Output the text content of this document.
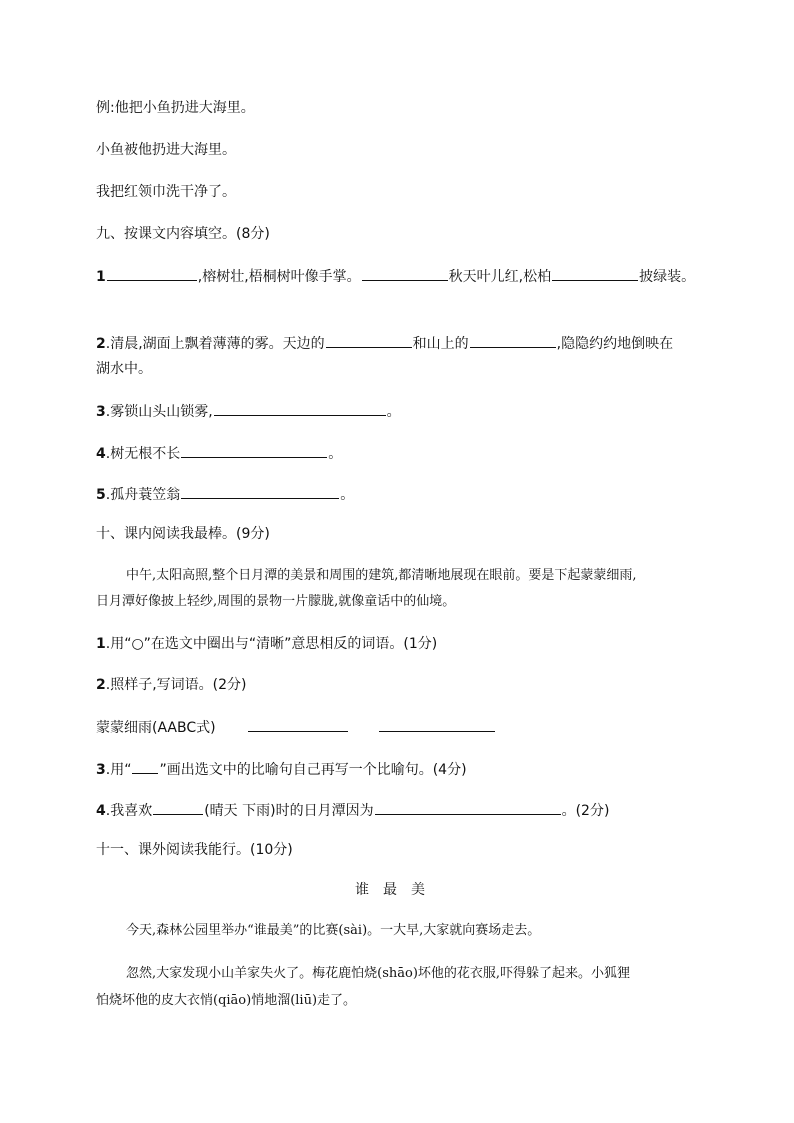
例:他把小鱼扔进大海里。
小鱼被他扔进大海里。
我把红领巾洗干净了。
九、按课文内容填空。(8分)
1	,榕树壮,梧桐树叶像手掌。	秋天叶儿红,松柏	披绿装。
2.清晨,湖面上飘着薄薄的雾。天边的	和山上的	,隐隐约约地倒映在
湖水中。
3.雾锁山头山锁雾,	。
4.树无根不长	。
5.孤舟蓑笠翁	。
十、课内阅读我最棒。(9分)
中午,太阳高照,整个日月潭的美景和周围的建筑,都清晰地展现在眼前。要是下起蒙蒙细雨,
日月潭好像披上轻纱,周围的景物一片朦胧,就像童话中的仙境。
1.用“○”在选文中圈出与“清晰”意思相反的词语。(1分)
2.照样子,写词语。(2分)
蒙蒙细雨(AABC式)
3.用“ ”画出选文中的比喻句自己再写一个比喻句。(4分)
4.我喜欢	(晴天 下雨)时的日月潭因为	。(2分)
十一、课外阅读我能行。(10分)
谁最美
今天,森林公园里举办“谁最美”的比赛(sài)。一大早,大家就向赛场走去。
忽然,大家发现小山羊家失火了。梅花鹿怕烧(shāo)坏他的花衣服,吓得躲了起来。小狐狸
怕烧坏他的皮大衣悄(qiāo)悄地溜(liū)走了。
